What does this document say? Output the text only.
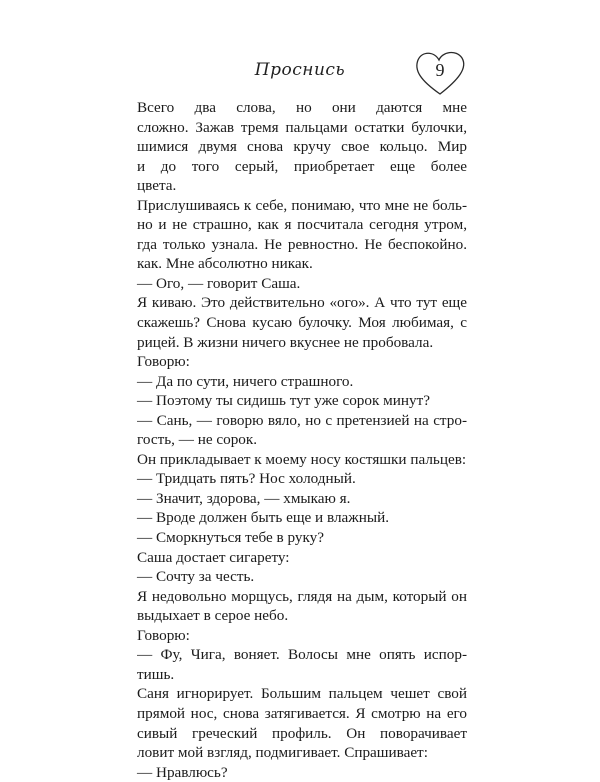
Проснись	9
Всего два слова, но они даются мне
сложно. Зажав тремя пальцами остатки булочки,
шимися двумя снова кручу свое кольцо. Мир
и до того серый, приобретает еще более
цвета.
Прислушиваясь к себе, понимаю, что мне не боль-
но и не страшно, как я посчитала сегодня утром,
гда только узнала. Не ревностно. Не беспокойно.
как. Мне абсолютно никак.
— Ого, — говорит Саша.
Я киваю. Это действительно «ого». А что тут еще
скажешь? Снова кусаю булочку. Моя любимая, с
рицей. В жизни ничего вкуснее не пробовала.
Говорю:
— Да по сути, ничего страшного.
— Поэтому ты сидишь тут уже сорок минут?
— Сань, — говорю вяло, но с претензией на стро-
гость, — не сорок.
Он прикладывает к моему носу костяшки пальцев:
— Тридцать пять? Нос холодный.
— Значит, здорова, — хмыкаю я.
— Вроде должен быть еще и влажный.
— Сморкнуться тебе в руку?
Саша достает сигарету:
— Сочту за честь.
Я недовольно морщусь, глядя на дым, который он
выдыхает в серое небо.
Говорю:
— Фу, Чига, воняет. Волосы мне опять испор-
тишь.
Саня игнорирует. Большим пальцем чешет свой
прямой нос, снова затягивается. Я смотрю на его
сивый греческий профиль. Он поворачивает
ловит мой взгляд, подмигивает. Спрашивает:
— Нравлюсь?
